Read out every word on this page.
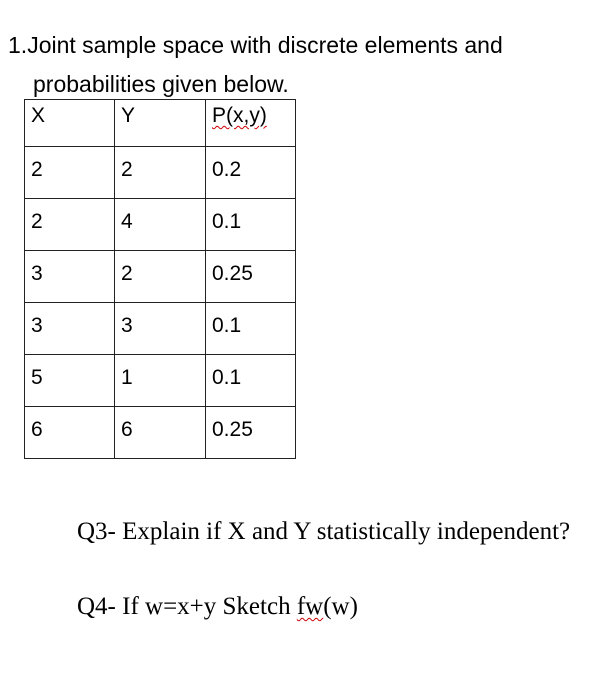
1.Joint sample space with discrete elements and
probabilities given below.
X	Y	P(x,y)
2	2	0.2
2	4	0.1
3	2	0.25
3	3	0.1
5	1	0.1
6	6	0.25
Q3- Explain if X and Y statistically independent?
Q4- If w=x+y Sketch fw(w)
